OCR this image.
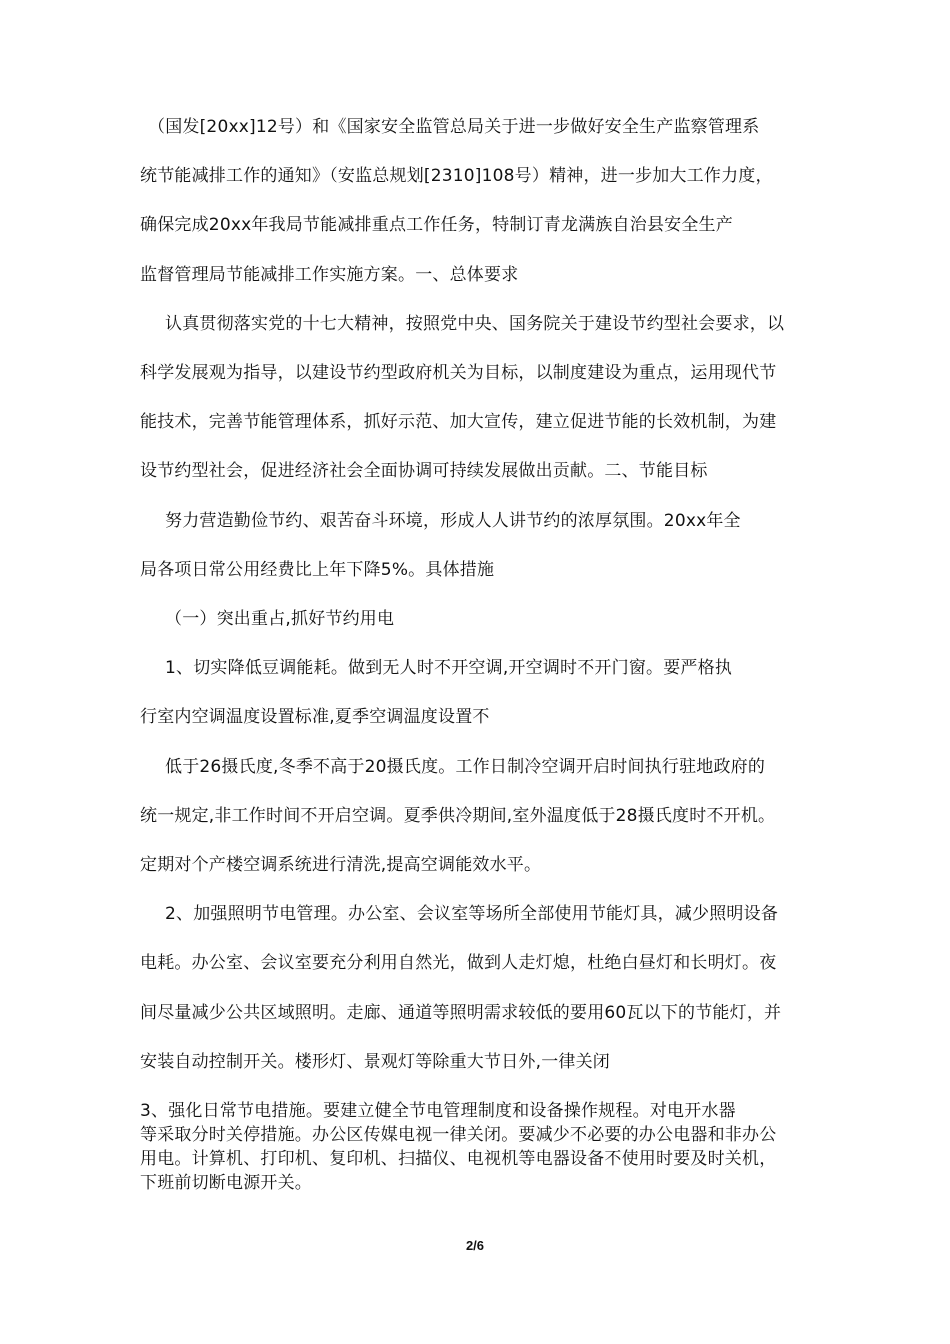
（国发[20xx]12号）和《国家安全监管总局关于进一步做好安全生产监察管理系
统节能减排工作的通知》（安监总规划[2310]108号）精神，进一步加大工作力度，
确保完成20xx年我局节能减排重点工作任务，特制订青龙满族自治县安全生产
监督管理局节能减排工作实施方案。一、总体要求
认真贯彻落实党的十七大精神，按照党中央、国务院关于建设节约型社会要求，以
科学发展观为指导，以建设节约型政府机关为目标，以制度建设为重点，运用现代节
能技术，完善节能管理体系，抓好示范、加大宣传，建立促进节能的长效机制，为建
设节约型社会，促进经济社会全面协调可持续发展做出贡献。二、节能目标
努力营造勤俭节约、艰苦奋斗环境，形成人人讲节约的浓厚氛围。20xx年全
局各项日常公用经费比上年下降5%。具体措施
（一）突出重占,抓好节约用电
1、切实降低豆调能耗。做到无人时不开空调,开空调时不开门窗。要严格执
行室内空调温度设置标准,夏季空调温度设置不
低于26摄氏度,冬季不高于20摄氏度。工作日制冷空调开启时间执行驻地政府的
统一规定,非工作时间不开启空调。夏季供冷期间,室外温度低于28摄氏度时不开机。
定期对个产楼空调系统进行清洗,提高空调能效水平。
2、加强照明节电管理。办公室、会议室等场所全部使用节能灯具，减少照明设备
电耗。办公室、会议室要充分利用自然光，做到人走灯熄，杜绝白昼灯和长明灯。夜
间尽量减少公共区域照明。走廊、通道等照明需求较低的要用60瓦以下的节能灯，并
安装自动控制开关。楼形灯、景观灯等除重大节日外,一律关闭
3、强化日常节电措施。要建立健全节电管理制度和设备操作规程。对电开水器
等采取分时关停措施。办公区传媒电视一律关闭。要减少不必要的办公电器和非办公
用电。计算机、打印机、复印机、扫描仪、电视机等电器设备不使用时要及时关机，
下班前切断电源开关。
2/6
